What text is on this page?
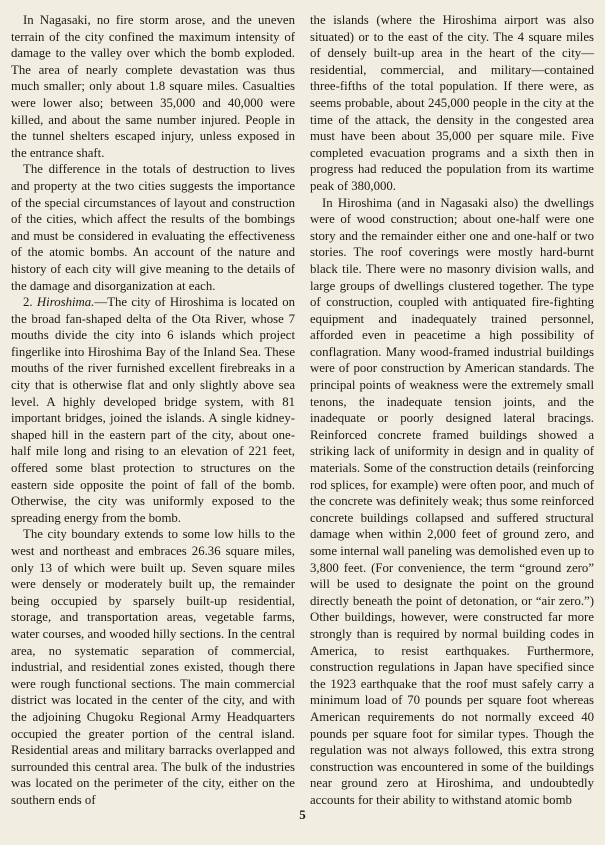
In Nagasaki, no fire storm arose, and the uneven terrain of the city confined the maximum intensity of damage to the valley over which the bomb exploded. The area of nearly complete devastation was thus much smaller; only about 1.8 square miles. Casualties were lower also; between 35,000 and 40,000 were killed, and about the same number injured. People in the tunnel shelters escaped injury, unless exposed in the entrance shaft.

The difference in the totals of destruction to lives and property at the two cities suggests the importance of the special circumstances of layout and construction of the cities, which affect the results of the bombings and must be considered in evaluating the effectiveness of the atomic bombs. An account of the nature and history of each city will give meaning to the details of the damage and disorganization at each.

2. Hiroshima.—The city of Hiroshima is located on the broad fan-shaped delta of the Ota River, whose 7 mouths divide the city into 6 islands which project fingerlike into Hiroshima Bay of the Inland Sea. These mouths of the river furnished excellent firebreaks in a city that is otherwise flat and only slightly above sea level. A highly developed bridge system, with 81 important bridges, joined the islands. A single kidney-shaped hill in the eastern part of the city, about one-half mile long and rising to an elevation of 221 feet, offered some blast protection to structures on the eastern side opposite the point of fall of the bomb. Otherwise, the city was uniformly exposed to the spreading energy from the bomb.

The city boundary extends to some low hills to the west and northeast and embraces 26.36 square miles, only 13 of which were built up. Seven square miles were densely or moderately built up, the remainder being occupied by sparsely built-up residential, storage, and transportation areas, vegetable farms, water courses, and wooded hilly sections. In the central area, no systematic separation of commercial, industrial, and residential zones existed, though there were rough functional sections. The main commercial district was located in the center of the city, and with the adjoining Chugoku Regional Army Headquarters occupied the greater portion of the central island. Residential areas and military barracks overlapped and surrounded this central area. The bulk of the industries was located on the perimeter of the city, either on the southern ends of

the islands (where the Hiroshima airport was also situated) or to the east of the city. The 4 square miles of densely built-up area in the heart of the city—residential, commercial, and military—contained three-fifths of the total population. If there were, as seems probable, about 245,000 people in the city at the time of the attack, the density in the congested area must have been about 35,000 per square mile. Five completed evacuation programs and a sixth then in progress had reduced the population from its wartime peak of 380,000.

In Hiroshima (and in Nagasaki also) the dwellings were of wood construction; about one-half were one story and the remainder either one and one-half or two stories. The roof coverings were mostly hard-burnt black tile. There were no masonry division walls, and large groups of dwellings clustered together. The type of construction, coupled with antiquated fire-fighting equipment and inadequately trained personnel, afforded even in peacetime a high possibility of conflagration. Many wood-framed industrial buildings were of poor construction by American standards. The principal points of weakness were the extremely small tenons, the inadequate tension joints, and the inadequate or poorly designed lateral bracings. Reinforced concrete framed buildings showed a striking lack of uniformity in design and in quality of materials. Some of the construction details (reinforcing rod splices, for example) were often poor, and much of the concrete was definitely weak; thus some reinforced concrete buildings collapsed and suffered structural damage when within 2,000 feet of ground zero, and some internal wall paneling was demolished even up to 3,800 feet. (For convenience, the term “ground zero” will be used to designate the point on the ground directly beneath the point of detonation, or “air zero.”) Other buildings, however, were constructed far more strongly than is required by normal building codes in America, to resist earthquakes. Furthermore, construction regulations in Japan have specified since the 1923 earthquake that the roof must safely carry a minimum load of 70 pounds per square foot whereas American requirements do not normally exceed 40 pounds per square foot for similar types. Though the regulation was not always followed, this extra strong construction was encountered in some of the buildings near ground zero at Hiroshima, and undoubtedly accounts for their ability to withstand atomic bomb

5
